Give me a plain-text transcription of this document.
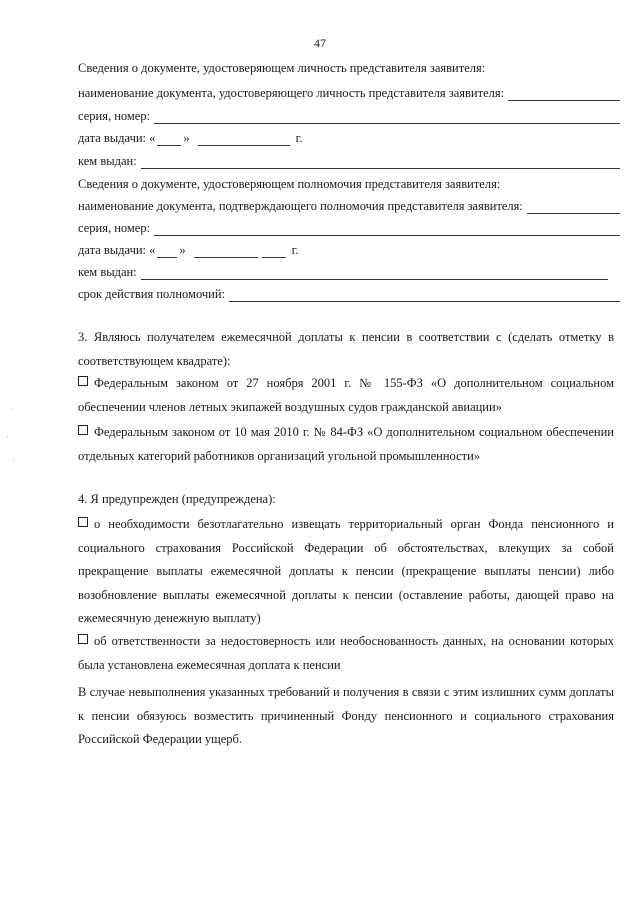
47
Сведения о документе, удостоверяющем личность представителя заявителя:
наименование документа, удостоверяющего личность представителя заявителя:
серия, номер:
дата выдачи: « »	г.
кем выдан:
Сведения о документе, удостоверяющем полномочия представителя заявителя:
наименование документа, подтверждающего полномочия представителя заявителя:
серия, номер:
дата выдачи: « »	г.
кем выдан:
срок действия полномочий:

3. Являюсь получателем ежемесячной доплаты к пенсии в соответствии с (сделать отметку в соответствующем квадрате):

Федеральным законом от 27 ноября 2001 г. № 155-ФЗ «О дополнительном социальном обеспечении членов летных экипажей воздушных судов гражданской авиации»

Федеральным законом от 10 мая 2010 г. № 84-ФЗ «О дополнительном социальном обеспечении отдельных категорий работников организаций угольной промышленности»

4. Я предупрежден (предупреждена):

о необходимости безотлагательно извещать территориальный орган Фонда пенсионного и социального страхования Российской Федерации об обстоятельствах, влекущих за собой прекращение выплаты ежемесячной доплаты к пенсии (прекращение выплаты пенсии) либо возобновление выплаты ежемесячной доплаты к пенсии (оставление работы, дающей право на ежемесячную денежную выплату)

об ответственности за недостоверность или необоснованность данных, на основании которых была установлена ежемесячная доплата к пенсии

В случае невыполнения указанных требований и получения в связи с этим излишних сумм доплаты к пенсии обязуюсь возместить причиненный Фонду пенсионного и социального страхования Российской Федерации ущерб.

·
·
·
